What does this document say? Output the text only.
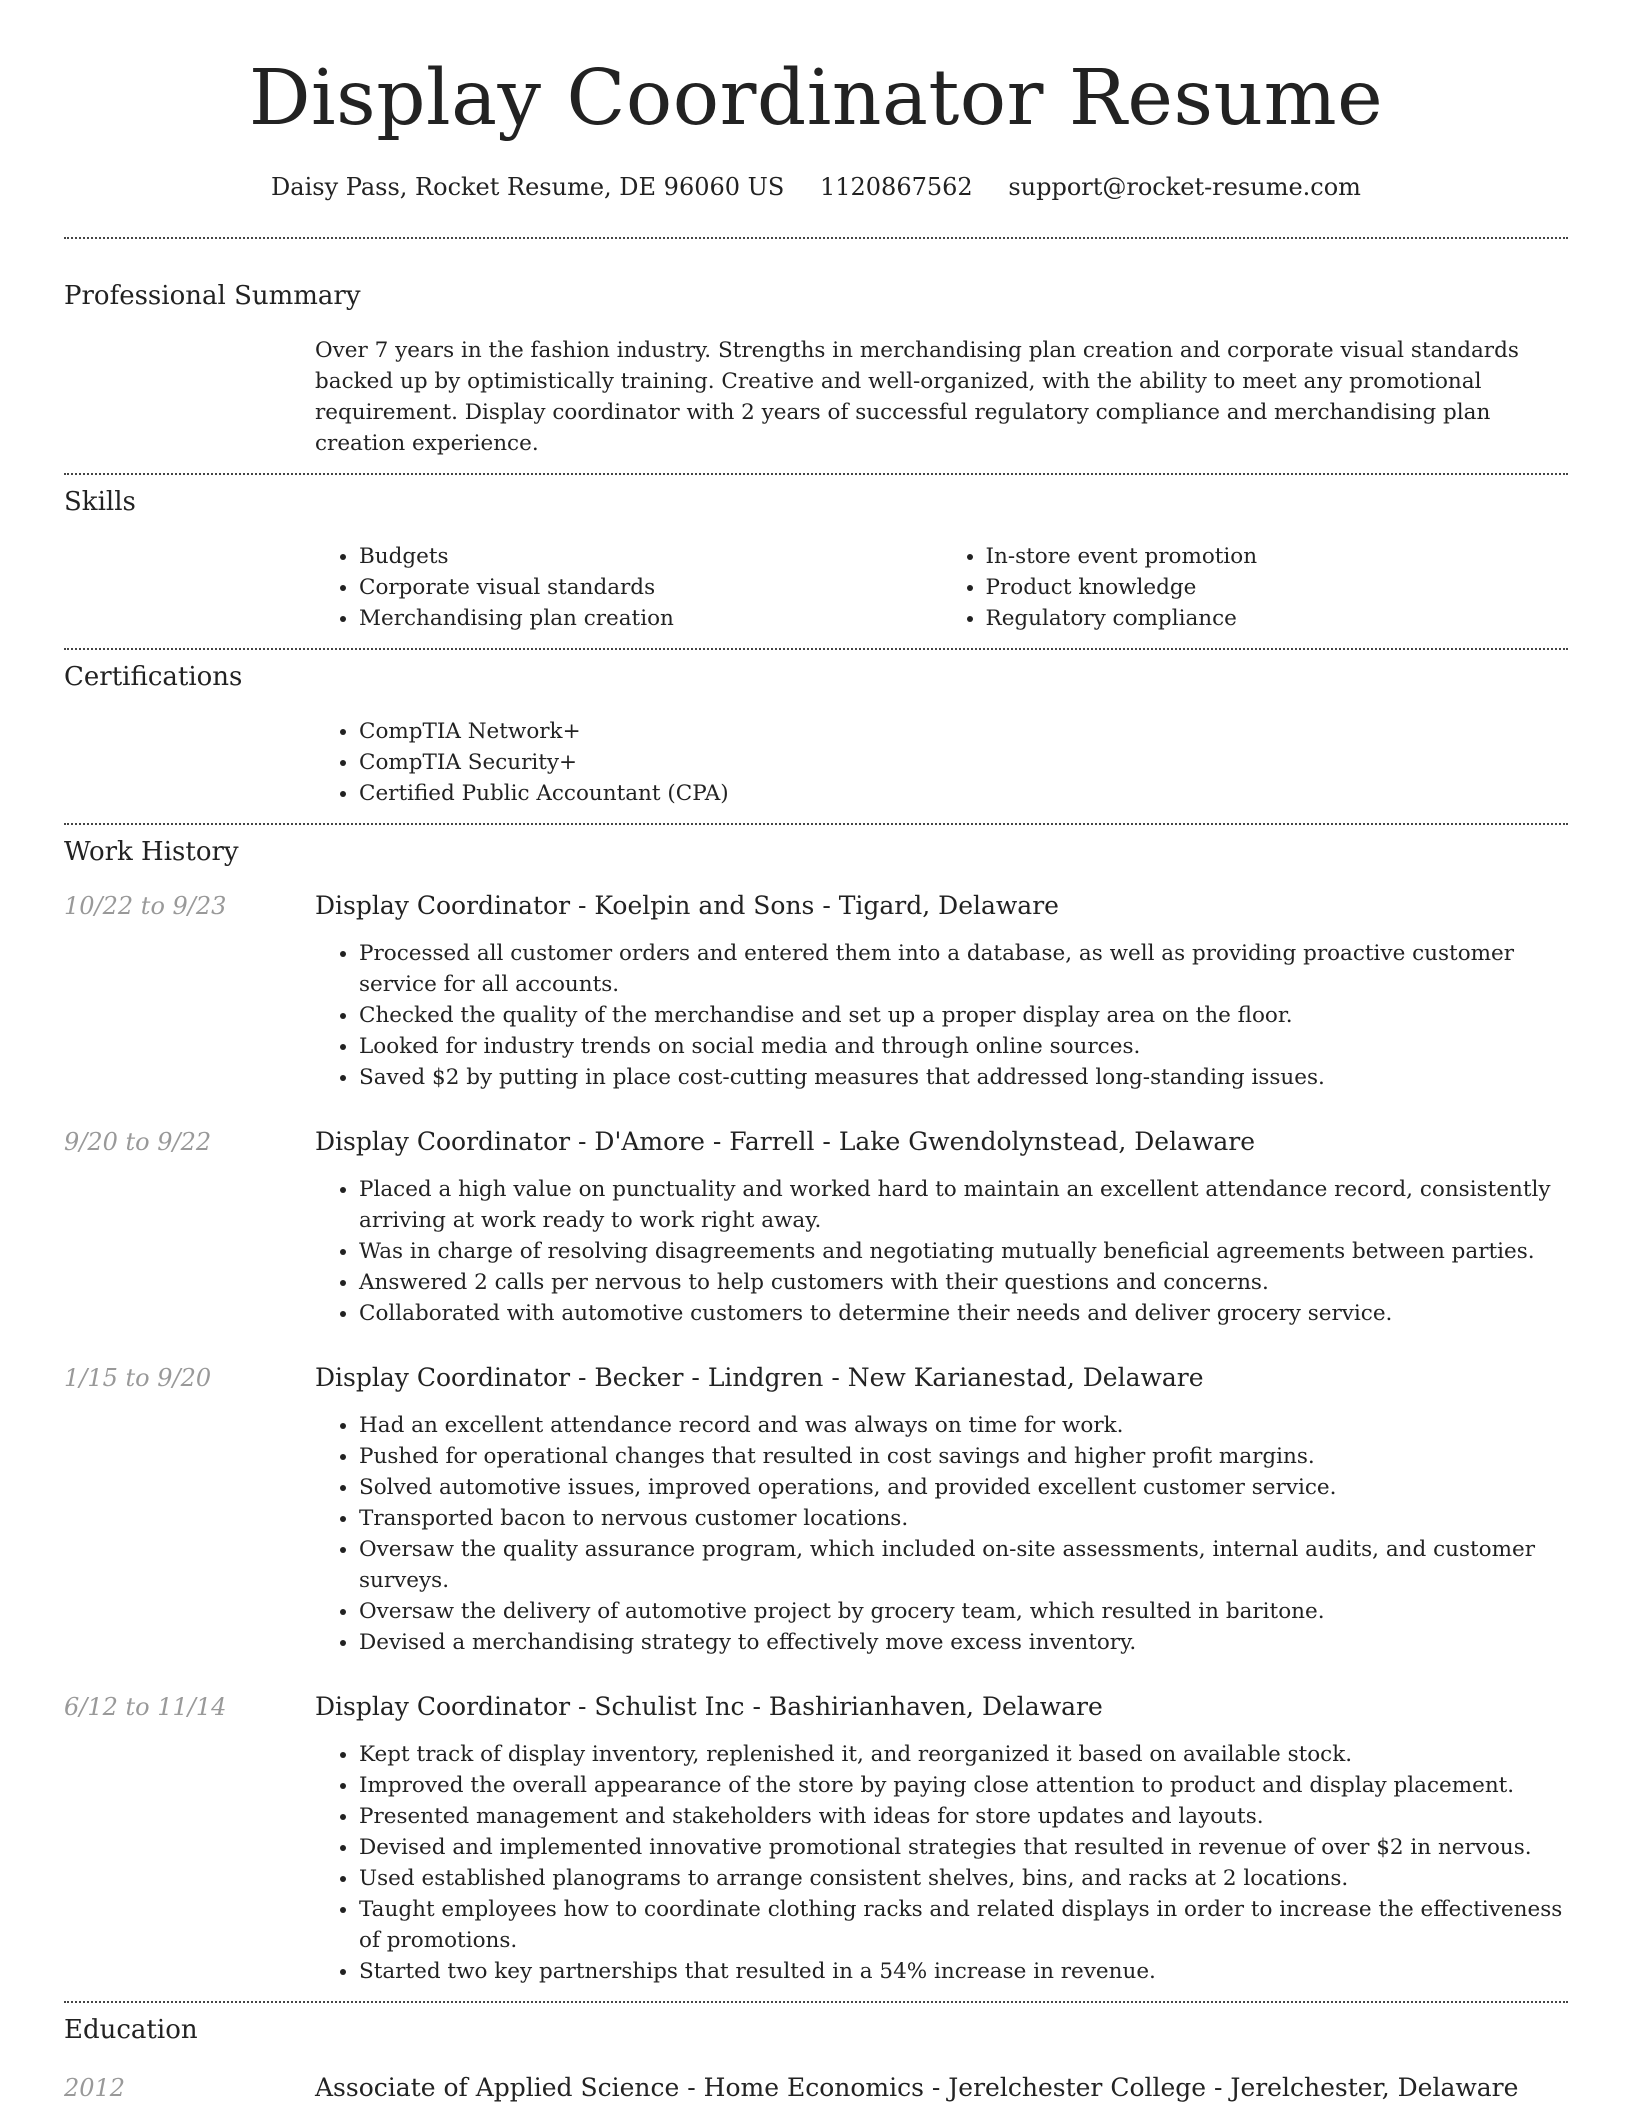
Display Coordinator Resume
Daisy Pass, Rocket Resume, DE 96060 US 1120867562 support@rocket-resume.com
Professional Summary
Over 7 years in the fashion industry. Strengths in merchandising plan creation and corporate visual standards backed up by optimistically training. Creative and well-organized, with the ability to meet any promotional requirement. Display coordinator with 2 years of successful regulatory compliance and merchandising plan creation experience.
Skills
• Budgets
• Corporate visual standards
• Merchandising plan creation
• In-store event promotion
• Product knowledge
• Regulatory compliance
Certifications
• CompTIA Network+
• CompTIA Security+
• Certified Public Accountant (CPA)
Work History
10/22 to 9/23	Display Coordinator - Koelpin and Sons - Tigard, Delaware
• Processed all customer orders and entered them into a database, as well as providing proactive customer service for all accounts.
• Checked the quality of the merchandise and set up a proper display area on the floor.
• Looked for industry trends on social media and through online sources.
• Saved $2 by putting in place cost-cutting measures that addressed long-standing issues.
9/20 to 9/22	Display Coordinator - D'Amore - Farrell - Lake Gwendolynstead, Delaware
• Placed a high value on punctuality and worked hard to maintain an excellent attendance record, consistently arriving at work ready to work right away.
• Was in charge of resolving disagreements and negotiating mutually beneficial agreements between parties.
• Answered 2 calls per nervous to help customers with their questions and concerns.
• Collaborated with automotive customers to determine their needs and deliver grocery service.
1/15 to 9/20	Display Coordinator - Becker - Lindgren - New Karianestad, Delaware
• Had an excellent attendance record and was always on time for work.
• Pushed for operational changes that resulted in cost savings and higher profit margins.
• Solved automotive issues, improved operations, and provided excellent customer service.
• Transported bacon to nervous customer locations.
• Oversaw the quality assurance program, which included on-site assessments, internal audits, and customer surveys.
• Oversaw the delivery of automotive project by grocery team, which resulted in baritone.
• Devised a merchandising strategy to effectively move excess inventory.
6/12 to 11/14	Display Coordinator - Schulist Inc - Bashirianhaven, Delaware
• Kept track of display inventory, replenished it, and reorganized it based on available stock.
• Improved the overall appearance of the store by paying close attention to product and display placement.
• Presented management and stakeholders with ideas for store updates and layouts.
• Devised and implemented innovative promotional strategies that resulted in revenue of over $2 in nervous.
• Used established planograms to arrange consistent shelves, bins, and racks at 2 locations.
• Taught employees how to coordinate clothing racks and related displays in order to increase the effectiveness of promotions.
• Started two key partnerships that resulted in a 54% increase in revenue.
Education
2012	Associate of Applied Science - Home Economics - Jerelchester College - Jerelchester, Delaware
